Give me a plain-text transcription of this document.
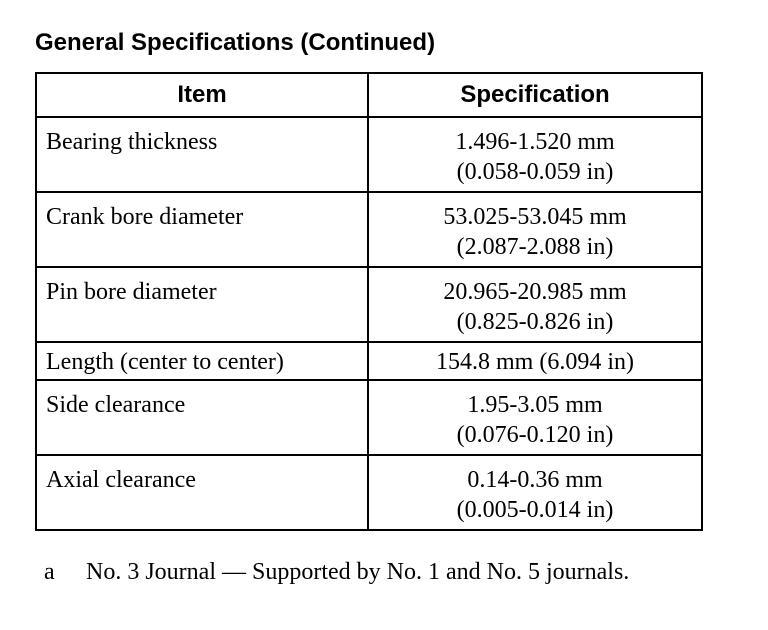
General Specifications (Continued)
Item	Specification
Bearing thickness	1.496-1.520 mm
(0.058-0.059 in)

Crank bore diameter	53.025-53.045 mm
(2.087-2.088 in)

Pin bore diameter	20.965-20.985 mm
(0.825-0.826 in)

Length (center to center)	154.8 mm (6.094 in)

Side clearance	1.95-3.05 mm
(0.076-0.120 in)

Axial clearance	0.14-0.36 mm
(0.005-0.014 in)
a No. 3 Journal — Supported by No. 1 and No. 5 journals.
